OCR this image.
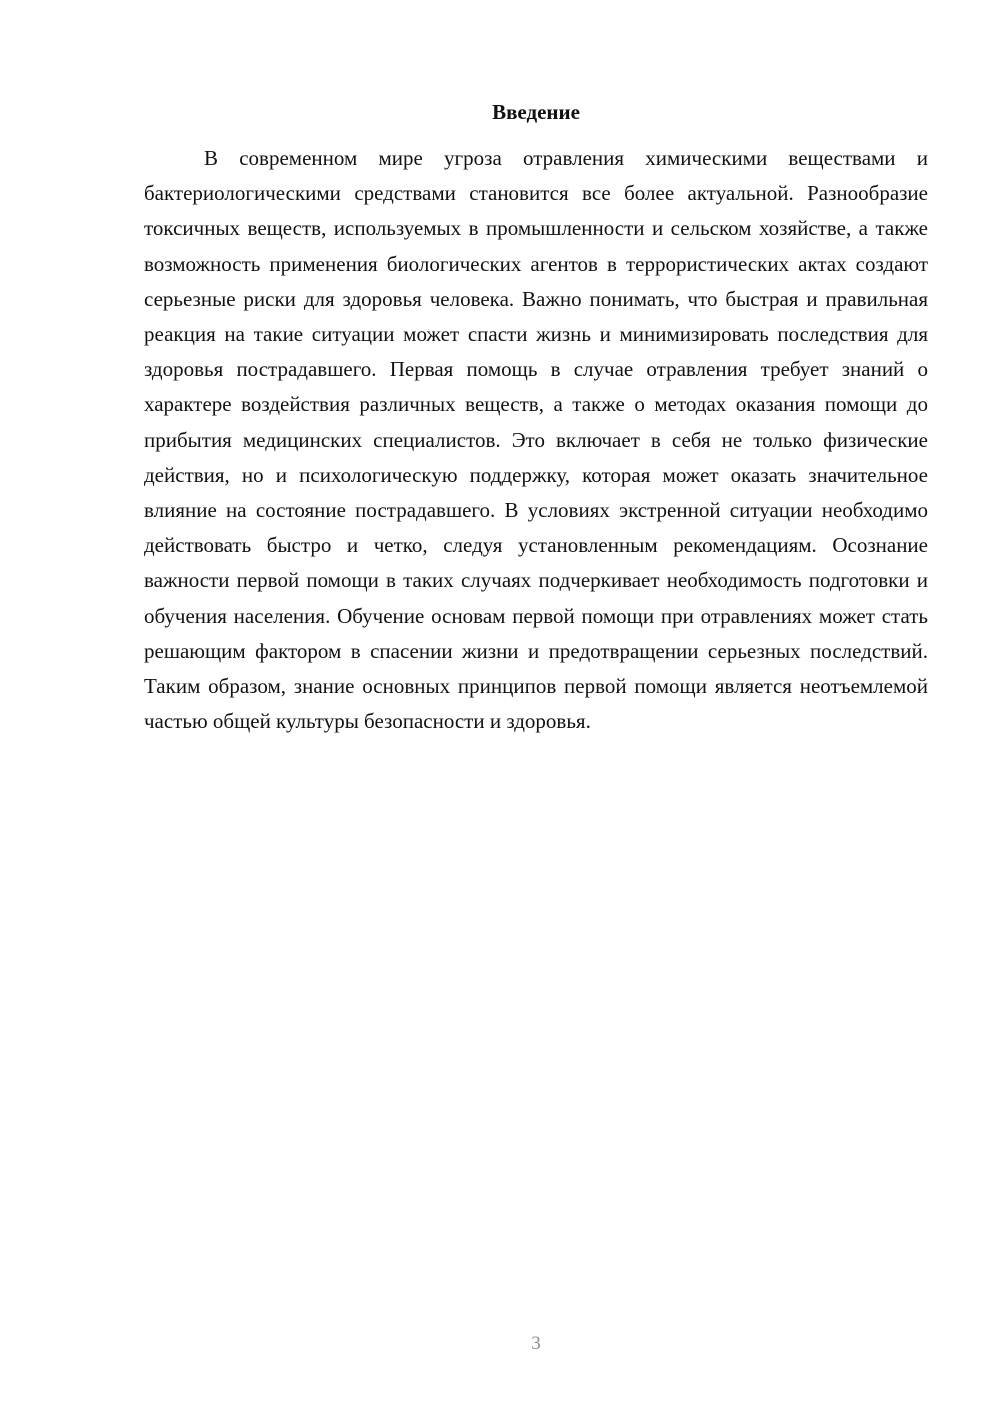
Введение

В современном мире угроза отравления химическими веществами и бактериологическими средствами становится все более актуальной. Разнообразие токсичных веществ, используемых в промышленности и сельском хозяйстве, а также возможность применения биологических агентов в террористических актах создают серьезные риски для здоровья человека. Важно понимать, что быстрая и правильная реакция на такие ситуации может спасти жизнь и минимизировать последствия для здоровья пострадавшего. Первая помощь в случае отравления требует знаний о характере воздействия различных веществ, а также о методах оказания помощи до прибытия медицинских специалистов. Это включает в себя не только физические действия, но и психологическую поддержку, которая может оказать значительное влияние на состояние пострадавшего. В условиях экстренной ситуации необходимо действовать быстро и четко, следуя установленным рекомендациям. Осознание важности первой помощи в таких случаях подчеркивает необходимость подготовки и обучения населения. Обучение основам первой помощи при отравлениях может стать решающим фактором в спасении жизни и предотвращении серьезных последствий. Таким образом, знание основных принципов первой помощи является неотъемлемой частью общей культуры безопасности и здоровья.

3
